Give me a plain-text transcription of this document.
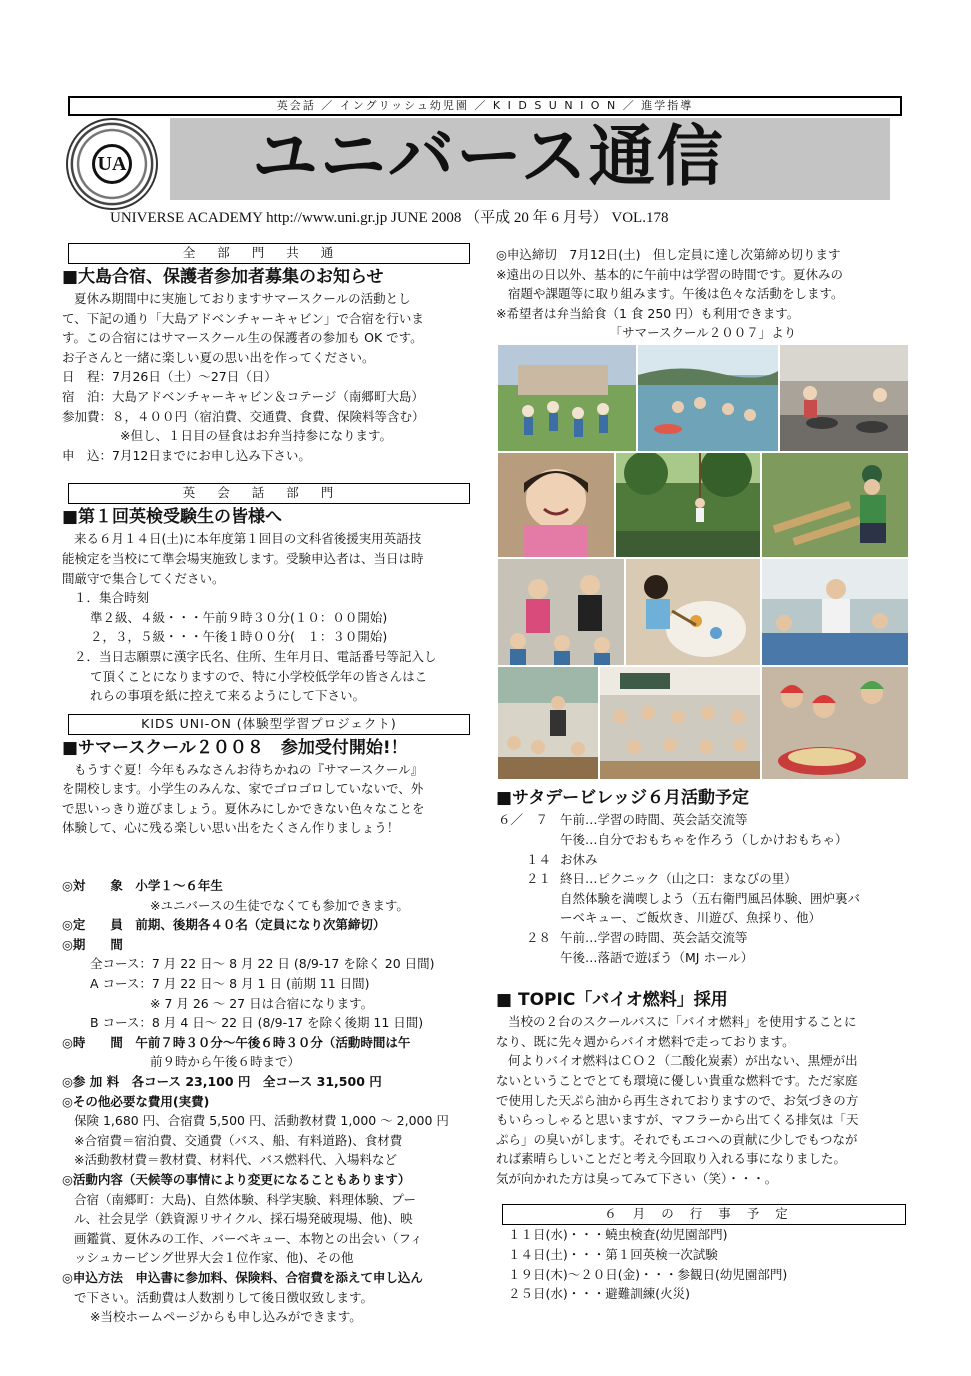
英会話 ／ イングリッシュ幼児園 ／ K I D S U N I O N ／ 進学指導
UA ユニバース通信
UNIVERSE ACADEMY http://www.uni.gr.jp JUNE 2008 （平成 20 年 6 月号） VOL.178
全部門共通
■大島合宿、保護者参加者募集のお知らせ
夏休み期間中に実施しておりますサマースクールの活動とし
て、下記の通り「大島アドベンチャーキャビン」で合宿を行いま
す。この合宿にはサマースクール生の保護者の参加も OK です。
お子さんと一緒に楽しい夏の思い出を作ってください。
日　程：7月26日（土）～27日（日）
宿　泊：大島アドベンチャーキャビン＆コテージ（南郷町大島）
参加費：８，４００円（宿泊費、交通費、食費、保険料等含む）
※但し、１日目の昼食はお弁当持参になります。
申　込：7月12日までにお申し込み下さい。
英会話部門
■第１回英検受験生の皆様へ
来る６月１４日(土)に本年度第１回目の文科省後援実用英語技
能検定を当校にて準会場実施致します。受験申込者は、当日は時
間厳守で集合してください。
１．集合時刻
準２級、４級・・・午前９時３０分(１０：００開始)
２，３，５級・・・午後１時００分(　１：３０開始)
２．当日志願票に漢字氏名、住所、生年月日、電話番号等記入し
て頂くことになりますので、特に小学校低学年の皆さんはこ
れらの事項を紙に控えて来るようにして下さい。
KIDS UNI-ON (体験型学習プロジェクト)
■サマースクール２００８　参加受付開始!！
もうすぐ夏！今年もみなさんお待ちかねの『サマースクール』
を開校します。小学生のみんな、家でゴロゴロしていないで、外
で思いっきり遊びましょう。夏休みにしかできない色々なことを
体験して、心に残る楽しい思い出をたくさん作りましょう！
◎対　　象　小学１～６年生
※ユニバースの生徒でなくても参加できます。
◎定　　員　前期、後期各４０名（定員になり次第締切）
◎期　　間
全コース：7 月 22 日～ 8 月 22 日 (8/9-17 を除く 20 日間)
A コース：7 月 22 日～ 8 月 1 日 (前期 11 日間)
※ 7 月 26 ～ 27 日は合宿になります。
B コース：8 月 4 日～ 22 日 (8/9-17 を除く後期 11 日間)
◎時　　間　午前７時３０分～午後６時３０分（活動時間は午
前９時から午後６時まで）
◎参 加 料　各コース 23,100 円　全コース 31,500 円
◎その他必要な費用(実費)
保険 1,680 円、合宿費 5,500 円、活動教材費 1,000 ～ 2,000 円
※合宿費＝宿泊費、交通費（バス、船、有料道路)、食材費
※活動教材費＝教材費、材料代、バス燃料代、入場料など
◎活動内容（天候等の事情により変更になることもあります）
合宿（南郷町：大島)、自然体験、科学実験、料理体験、プー
ル、社会見学（鉄資源リサイクル、採石場発破現場、他)、映
画鑑賞、夏休みの工作、バーベキュー、本物との出会い（フィ
ッシュカービング世界大会１位作家、他)、その他
◎申込方法　申込書に参加料、保険料、合宿費を添えて申し込ん
で下さい。活動費は人数割りして後日徴収致します。
※当校ホームページからも申し込みができます。
◎申込締切　7月12日(土)　但し定員に達し次第締め切ります
※遠出の日以外、基本的に午前中は学習の時間です。夏休みの
宿題や課題等に取り組みます。午後は色々な活動をします。
※希望者は弁当給食（1 食 250 円）も利用できます。
「サマースクール２００７」より
■サタデービレッジ６月活動予定
６／　７ 午前…学習の時間、英会話交流等
午後…自分でおもちゃを作ろう（しかけおもちゃ）
１４ お休み
２１ 終日…ピクニック（山之口：まなびの里）
自然体験を満喫しよう（五右衛門風呂体験、囲炉裏バ
ーベキュー、ご飯炊き、川遊び、魚採り、他）
２８ 午前…学習の時間、英会話交流等
午後…落語で遊ぼう（MJ ホール）
■ TOPIC「バイオ燃料」採用
当校の２台のスクールバスに「バイオ燃料」を使用することに
なり、既に先々週からバイオ燃料で走っております。
何よりバイオ燃料はＣＯ２（二酸化炭素）が出ない、黒煙が出
ないということでとても環境に優しい貴重な燃料です。ただ家庭
で使用した天ぷら油から再生されておりますので、お気づきの方
もいらっしゃると思いますが、マフラーから出てくる排気は「天
ぷら」の臭いがします。それでもエコへの貢献に少しでもつなが
れば素晴らしいことだと考え今回取り入れる事になりました。
気が向かれた方は臭ってみて下さい（笑）・・・。
６月の行事予定
１１日(水)・・・蟯虫検査(幼児園部門)
１４日(土)・・・第１回英検一次試験
１９日(木)～２０日(金)・・・参観日(幼児園部門)
２５日(水)・・・避難訓練(火災)
